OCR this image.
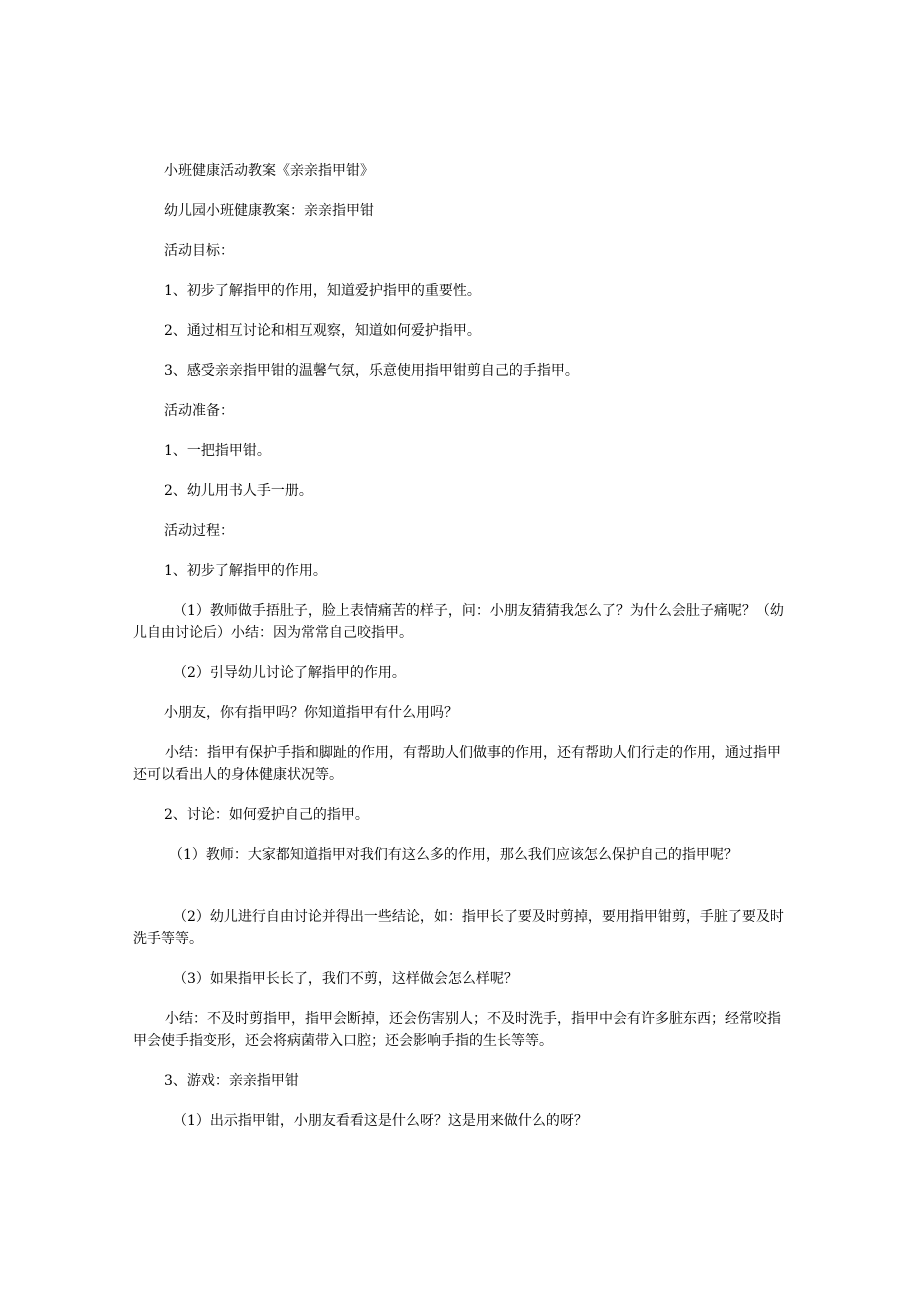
小班健康活动教案《亲亲指甲钳》

幼儿园小班健康教案：亲亲指甲钳

活动目标：

1、初步了解指甲的作用，知道爱护指甲的重要性。

2、通过相互讨论和相互观察，知道如何爱护指甲。

3、感受亲亲指甲钳的温馨气氛，乐意使用指甲钳剪自己的手指甲。

活动准备：

1、一把指甲钳。

2、幼儿用书人手一册。

活动过程：

1、初步了解指甲的作用。

（1）教师做手捂肚子，脸上表情痛苦的样子，问：小朋友猜猜我怎么了？为什么会肚子痛呢？（幼儿自由讨论后）小结：因为常常自己咬指甲。

（2）引导幼儿讨论了解指甲的作用。

小朋友，你有指甲吗？你知道指甲有什么用吗？

小结：指甲有保护手指和脚趾的作用，有帮助人们做事的作用，还有帮助人们行走的作用，通过指甲还可以看出人的身体健康状况等。

2、讨论：如何爱护自己的指甲。

（1）教师：大家都知道指甲对我们有这么多的作用，那么我们应该怎么保护自己的指甲呢？

（2）幼儿进行自由讨论并得出一些结论，如：指甲长了要及时剪掉，要用指甲钳剪，手脏了要及时洗手等等。

（3）如果指甲长长了，我们不剪，这样做会怎么样呢？

小结：不及时剪指甲，指甲会断掉，还会伤害别人；不及时洗手，指甲中会有许多脏东西；经常咬指甲会使手指变形，还会将病菌带入口腔；还会影响手指的生长等等。

3、游戏：亲亲指甲钳

（1）出示指甲钳，小朋友看看这是什么呀？这是用来做什么的呀？
